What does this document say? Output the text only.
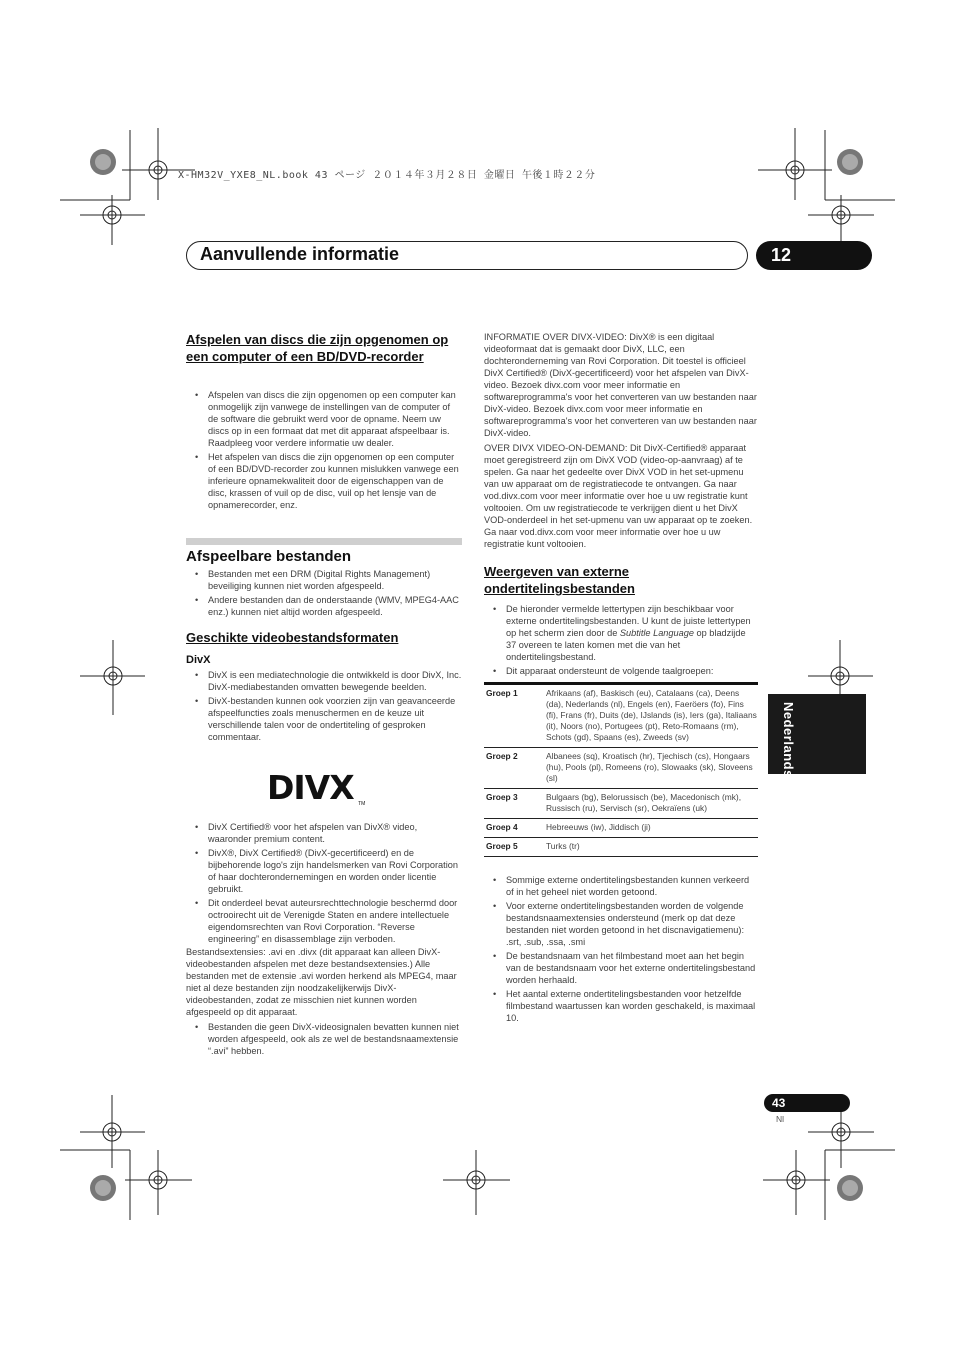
X-HM32V_YXE8_NL.book 43 ページ ２０１４年３月２８日 金曜日 午後１時２２分
Aanvullende informatie	12
Nederlands
Afspelen van discs die zijn opgenomen op een computer of een BD/DVD-recorder
• Afspelen van discs die zijn opgenomen op een computer kan onmogelijk zijn vanwege de instellingen van de computer of de software die gebruikt werd voor de opname. Neem uw discs op in een formaat dat met dit apparaat afspeelbaar is. Raadpleeg voor verdere informatie uw dealer.
• Het afspelen van discs die zijn opgenomen op een computer of een BD/DVD-recorder zou kunnen mislukken vanwege een inferieure opnamekwaliteit door de eigenschappen van de disc, krassen of vuil op de disc, vuil op het lensje van de opnamerecorder, enz.
Afspeelbare bestanden
• Bestanden met een DRM (Digital Rights Management) beveiliging kunnen niet worden afgespeeld.
• Andere bestanden dan de onderstaande (WMV, MPEG4-AAC enz.) kunnen niet altijd worden afgespeeld.
Geschikte videobestandsformaten
DivX
• DivX is een mediatechnologie die ontwikkeld is door DivX, Inc. DivX-mediabestanden omvatten bewegende beelden.
• DivX-bestanden kunnen ook voorzien zijn van geavanceerde afspeelfuncties zoals menuschermen en de keuze uit verschillende talen voor de ondertiteling of gesproken commentaar.
DIVX TM
• DivX Certified® voor het afspelen van DivX® video, waaronder premium content.
• DivX®, DivX Certified® (DivX-gecertificeerd) en de bijbehorende logo's zijn handelsmerken van Rovi Corporation of haar dochterondernemingen en worden onder licentie gebruikt.
• Dit onderdeel bevat auteursrechttechnologie beschermd door octrooirecht uit de Verenigde Staten en andere intellectuele eigendomsrechten van Rovi Corporation. “Reverse engineering” en disassemblage zijn verboden.
Bestandsextensies: .avi en .divx (dit apparaat kan alleen DivX-videobestanden afspelen met deze bestandsextensies.) Alle bestanden met de extensie .avi worden herkend als MPEG4, maar niet al deze bestanden zijn noodzakelijkerwijs DivX-videobestanden, zodat ze misschien niet kunnen worden afgespeeld op dit apparaat.
• Bestanden die geen DivX-videosignalen bevatten kunnen niet worden afgespeeld, ook als ze wel de bestandsnaamextensie “.avi” hebben.
INFORMATIE OVER DIVX-VIDEO: DivX® is een digitaal videoformaat dat is gemaakt door DivX, LLC, een dochteronderneming van Rovi Corporation. Dit toestel is officieel DivX Certified® (DivX-gecertificeerd) voor het afspelen van DivX-video. Bezoek divx.com voor meer informatie en softwareprogramma's voor het converteren van uw bestanden naar DivX-video. Bezoek divx.com voor meer informatie en softwareprogramma's voor het converteren van uw bestanden naar DivX-video.
OVER DIVX VIDEO-ON-DEMAND: Dit DivX-Certified® apparaat moet geregistreerd zijn om DivX VOD (video-op-aanvraag) af te spelen. Ga naar het gedeelte over DivX VOD in het set-upmenu van uw apparaat om de registratiecode te ontvangen. Ga naar vod.divx.com voor meer informatie over hoe u uw registratie kunt voltooien. Om uw registratiecode te verkrijgen dient u het DivX VOD-onderdeel in het set-upmenu van uw apparaat op te zoeken. Ga naar vod.divx.com voor meer informatie over hoe u uw registratie kunt voltooien.
Weergeven van externe ondertitelingsbestanden
• De hieronder vermelde lettertypen zijn beschikbaar voor externe ondertitelingsbestanden. U kunt de juiste lettertypen op het scherm zien door de Subtitle Language op bladzijde 37 overeen te laten komen met die van het ondertitelingsbestand.
• Dit apparaat ondersteunt de volgende taalgroepen:
Groep 1	Afrikaans (af), Baskisch (eu), Catalaans (ca), Deens (da), Nederlands (nl), Engels (en), Faeröers (fo), Fins (fi), Frans (fr), Duits (de), IJslands (is), Iers (ga), Italiaans (it), Noors (no), Portugees (pt), Reto-Romaans (rm), Schots (gd), Spaans (es), Zweeds (sv)
Groep 2	Albanees (sq), Kroatisch (hr), Tjechisch (cs), Hongaars (hu), Pools (pl), Romeens (ro), Slowaaks (sk), Sloveens (sl)
Groep 3	Bulgaars (bg), Belorussisch (be), Macedonisch (mk), Russisch (ru), Servisch (sr), Oekraïens (uk)
Groep 4	Hebreeuws (iw), Jiddisch (ji)
Groep 5	Turks (tr)
• Sommige externe ondertitelingsbestanden kunnen verkeerd of in het geheel niet worden getoond.
• Voor externe ondertitelingsbestanden worden de volgende bestandsnaamextensies ondersteund (merk op dat deze bestanden niet worden getoond in het discnavigatiemenu): .srt, .sub, .ssa, .smi
• De bestandsnaam van het filmbestand moet aan het begin van de bestandsnaam voor het externe ondertitelingsbestand worden herhaald.
• Het aantal externe ondertitelingsbestanden voor hetzelfde filmbestand waartussen kan worden geschakeld, is maximaal 10.
43
Nl
